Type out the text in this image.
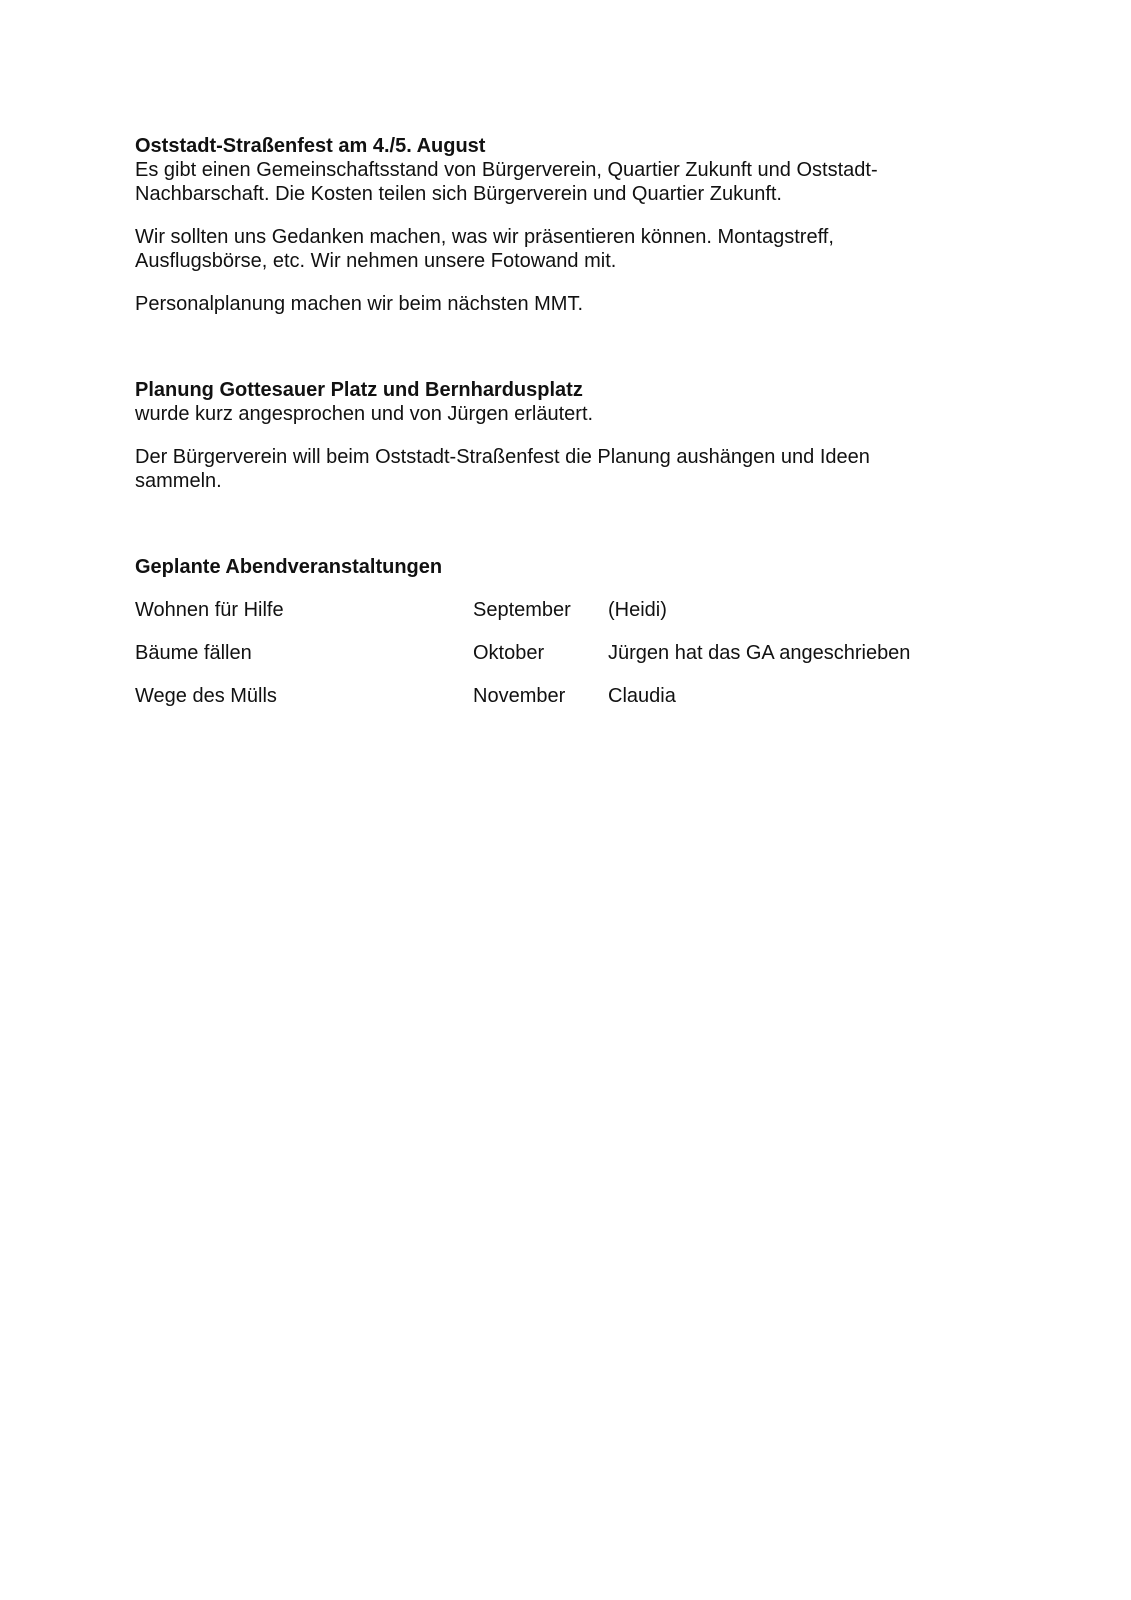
Oststadt-Straßenfest am 4./5. August

Es gibt einen Gemeinschaftsstand von Bürgerverein, Quartier Zukunft und Oststadt-Nachbarschaft. Die Kosten teilen sich Bürgerverein und Quartier Zukunft.

Wir sollten uns Gedanken machen, was wir präsentieren können. Montagstreff, Ausflugsbörse, etc. Wir nehmen unsere Fotowand mit.

Personalplanung machen wir beim nächsten MMT.

Planung Gottesauer Platz und Bernhardusplatz

wurde kurz angesprochen und von Jürgen erläutert.

Der Bürgerverein will beim Oststadt-Straßenfest die Planung aushängen und Ideen sammeln.

Geplante Abendveranstaltungen

Wohnen für Hilfe	September	(Heidi)
Bäume fällen	Oktober	Jürgen hat das GA angeschrieben
Wege des Mülls	November	Claudia
